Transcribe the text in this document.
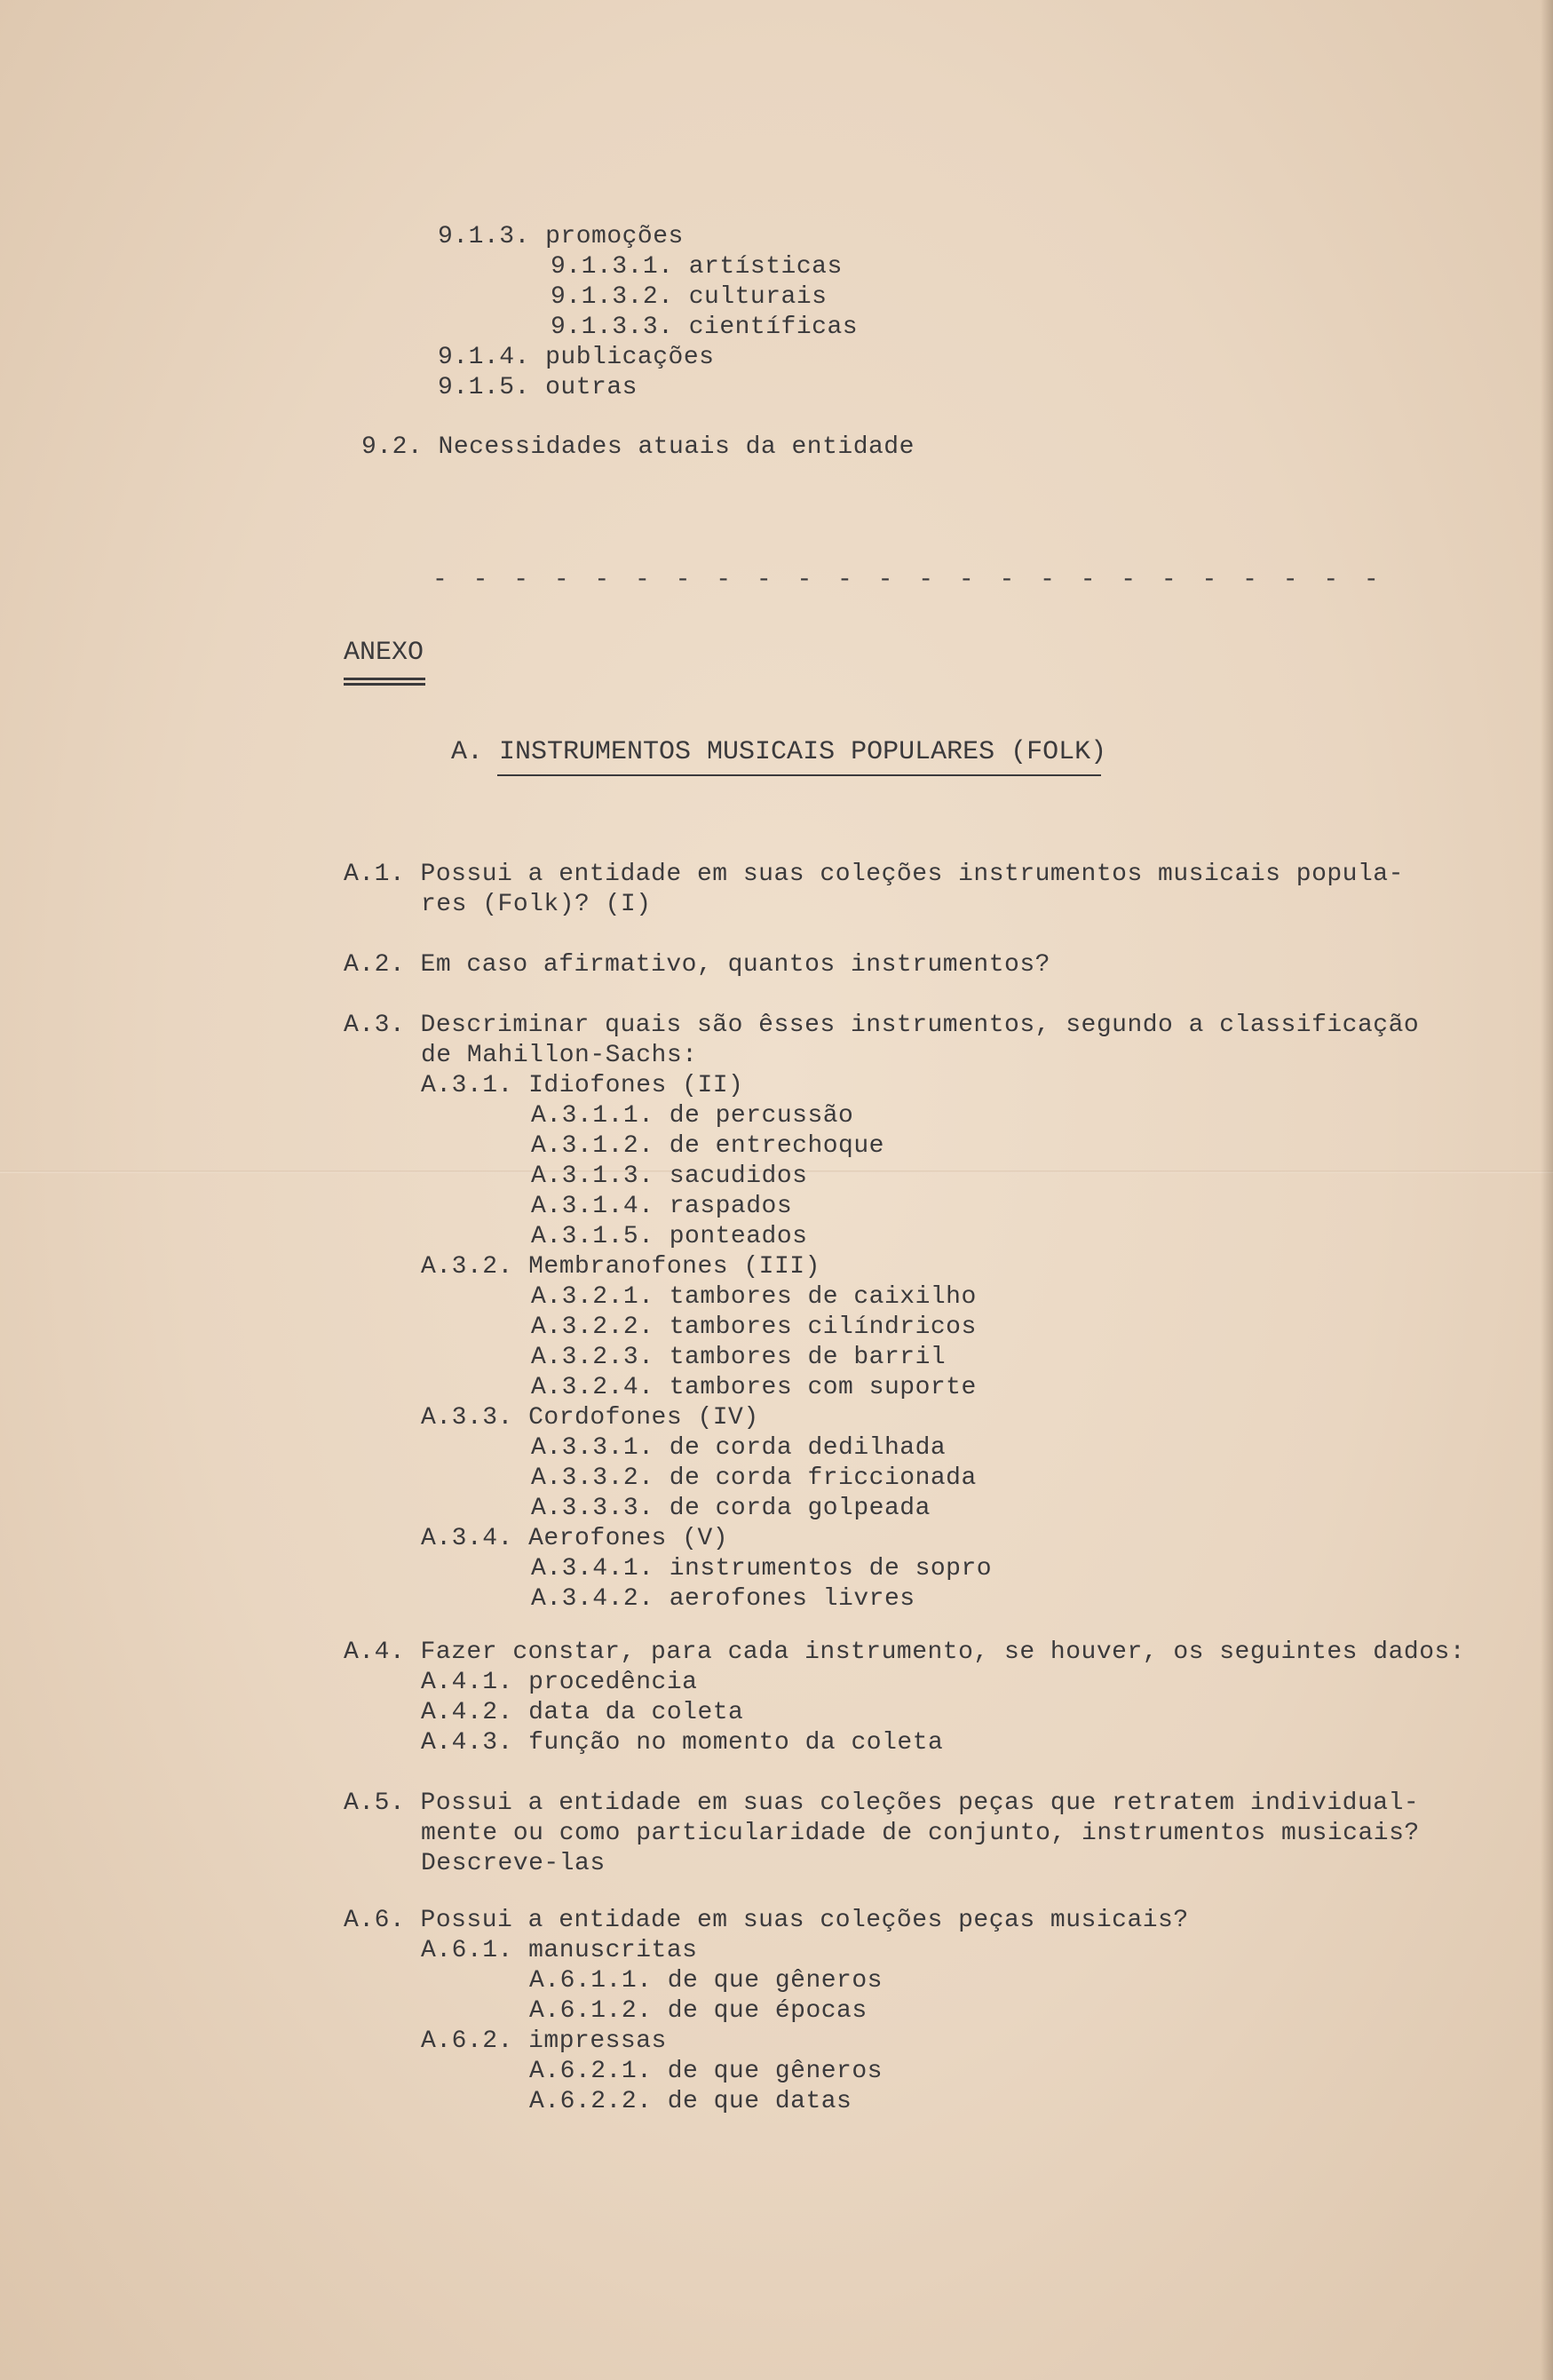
9.1.3. promoções
9.1.3.1. artísticas
9.1.3.2. culturais
9.1.3.3. científicas
9.1.4. publicações
9.1.5. outras
9.2. Necessidades atuais da entidade
- - - - - - - - - - - - - - - - - - - - - - - -
ANEXO
A. INSTRUMENTOS MUSICAIS POPULARES (FOLK)
A.1. Possui a entidade em suas coleções instrumentos musicais popula-
res (Folk)? (I)
A.2. Em caso afirmativo, quantos instrumentos?
A.3. Descriminar quais são êsses instrumentos, segundo a classificação
de Mahillon-Sachs:
A.3.1. Idiofones (II)
A.3.1.1. de percussão
A.3.1.2. de entrechoque
A.3.1.3. sacudidos
A.3.1.4. raspados
A.3.1.5. ponteados
A.3.2. Membranofones (III)
A.3.2.1. tambores de caixilho
A.3.2.2. tambores cilíndricos
A.3.2.3. tambores de barril
A.3.2.4. tambores com suporte
A.3.3. Cordofones (IV)
A.3.3.1. de corda dedilhada
A.3.3.2. de corda friccionada
A.3.3.3. de corda golpeada
A.3.4. Aerofones (V)
A.3.4.1. instrumentos de sopro
A.3.4.2. aerofones livres
A.4. Fazer constar, para cada instrumento, se houver, os seguintes dados:
A.4.1. procedência
A.4.2. data da coleta
A.4.3. função no momento da coleta
A.5. Possui a entidade em suas coleções peças que retratem individual-
mente ou como particularidade de conjunto, instrumentos musicais?
Descreve-las
A.6. Possui a entidade em suas coleções peças musicais?
A.6.1. manuscritas
A.6.1.1. de que gêneros
A.6.1.2. de que épocas
A.6.2. impressas
A.6.2.1. de que gêneros
A.6.2.2. de que datas
